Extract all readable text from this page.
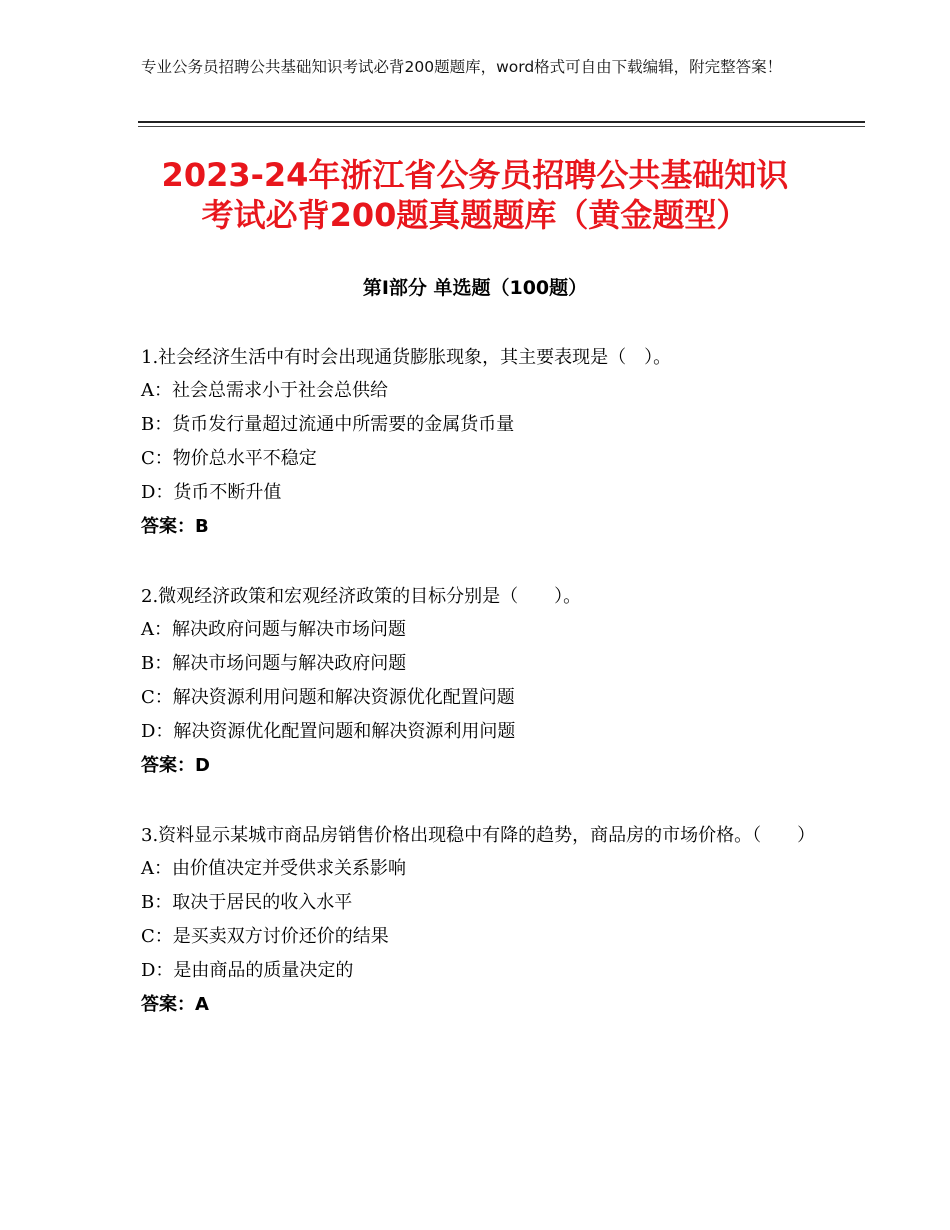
专业公务员招聘公共基础知识考试必背200题题库，word格式可自由下载编辑，附完整答案！
2023-24年浙江省公务员招聘公共基础知识
考试必背200题真题题库（黄金题型）
第Ⅰ部分 单选题（100题）

1.社会经济生活中有时会出现通货膨胀现象，其主要表现是（　）。

A：社会总需求小于社会总供给

B：货币发行量超过流通中所需要的金属货币量

C：物价总水平不稳定

D：货币不断升值

答案：B

2.微观经济政策和宏观经济政策的目标分别是（　　）。

A：解决政府问题与解决市场问题

B：解决市场问题与解决政府问题

C：解决资源利用问题和解决资源优化配置问题

D：解决资源优化配置问题和解决资源利用问题

答案：D

3.资料显示某城市商品房销售价格出现稳中有降的趋势，商品房的市场价格。（　　）

A：由价值决定并受供求关系影响

B：取决于居民的收入水平

C：是买卖双方讨价还价的结果

D：是由商品的质量决定的

答案：A
